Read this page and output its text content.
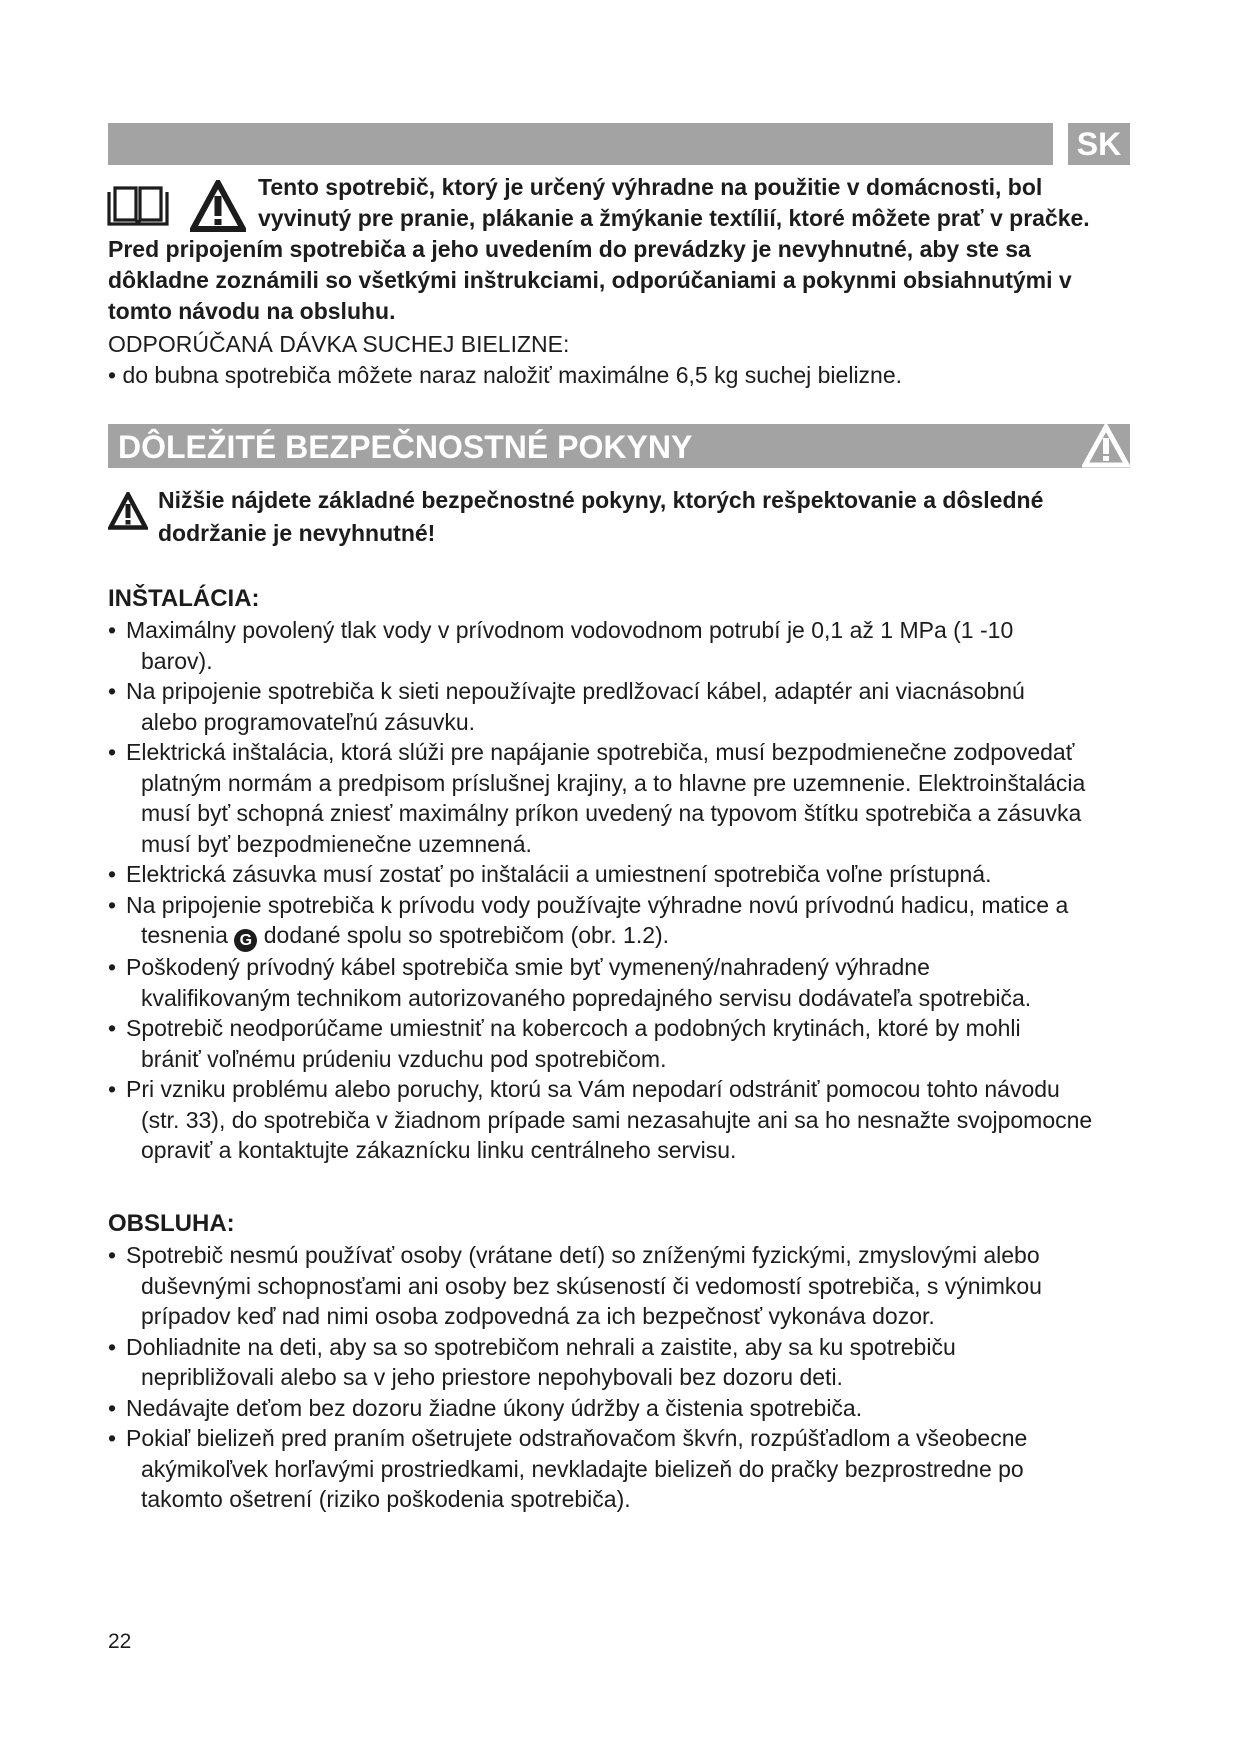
SK
Tento spotrebič, ktorý je určený výhradne na použitie v domácnosti, bol
vyvinutý pre pranie, plákanie a žmýkanie textílií, ktoré môžete prať v pračke.
Pred pripojením spotrebiča a jeho uvedením do prevádzky je nevyhnutné, aby ste sa
dôkladne zoznámili so všetkými inštrukciami, odporúčaniami a pokynmi obsiahnutými v
tomto návodu na obsluhu.
ODPORÚČANÁ DÁVKA SUCHEJ BIELIZNE:
• do bubna spotrebiča môžete naraz naložiť maximálne 6,5 kg suchej bielizne.
DÔLEŽITÉ BEZPEČNOSTNÉ POKYNY
Nižšie nájdete základné bezpečnostné pokyny, ktorých rešpektovanie a dôsledné
dodržanie je nevyhnutné!
INŠTALÁCIA:
• Maximálny povolený tlak vody v prívodnom vodovodnom potrubí je 0,1 až 1 MPa (1 -10
barov).
• Na pripojenie spotrebiča k sieti nepoužívajte predlžovací kábel, adaptér ani viacnásobnú
alebo programovateľnú zásuvku.
• Elektrická inštalácia, ktorá slúži pre napájanie spotrebiča, musí bezpodmienečne zodpovedať
platným normám a predpisom príslušnej krajiny, a to hlavne pre uzemnenie. Elektroinštalácia
musí byť schopná zniesť maximálny príkon uvedený na typovom štítku spotrebiča a zásuvka
musí byť bezpodmienečne uzemnená.
• Elektrická zásuvka musí zostať po inštalácii a umiestnení spotrebiča voľne prístupná.
• Na pripojenie spotrebiča k prívodu vody používajte výhradne novú prívodnú hadicu, matice a
tesnenia G dodané spolu so spotrebičom (obr. 1.2).
• Poškodený prívodný kábel spotrebiča smie byť vymenený/nahradený výhradne
kvalifikovaným technikom autorizovaného popredajného servisu dodávateľa spotrebiča.
• Spotrebič neodporúčame umiestniť na kobercoch a podobných krytinách, ktoré by mohli
brániť voľnému prúdeniu vzduchu pod spotrebičom.
• Pri vzniku problému alebo poruchy, ktorú sa Vám nepodarí odstrániť pomocou tohto návodu
(str. 33), do spotrebiča v žiadnom prípade sami nezasahujte ani sa ho nesnažte svojpomocne
opraviť a kontaktujte zákaznícku linku centrálneho servisu.
OBSLUHA:
• Spotrebič nesmú používať osoby (vrátane detí) so zníženými fyzickými, zmyslovými alebo
duševnými schopnosťami ani osoby bez skúseností či vedomostí spotrebiča, s výnimkou
prípadov keď nad nimi osoba zodpovedná za ich bezpečnosť vykonáva dozor.
• Dohliadnite na deti, aby sa so spotrebičom nehrali a zaistite, aby sa ku spotrebiču
nepribližovali alebo sa v jeho priestore nepohybovali bez dozoru deti.
• Nedávajte deťom bez dozoru žiadne úkony údržby a čistenia spotrebiča.
• Pokiaľ bielizeň pred praním ošetrujete odstraňovačom škvŕn, rozpúšťadlom a všeobecne
akýmikoľvek horľavými prostriedkami, nevkladajte bielizeň do pračky bezprostredne po
takomto ošetrení (riziko poškodenia spotrebiča).
22
